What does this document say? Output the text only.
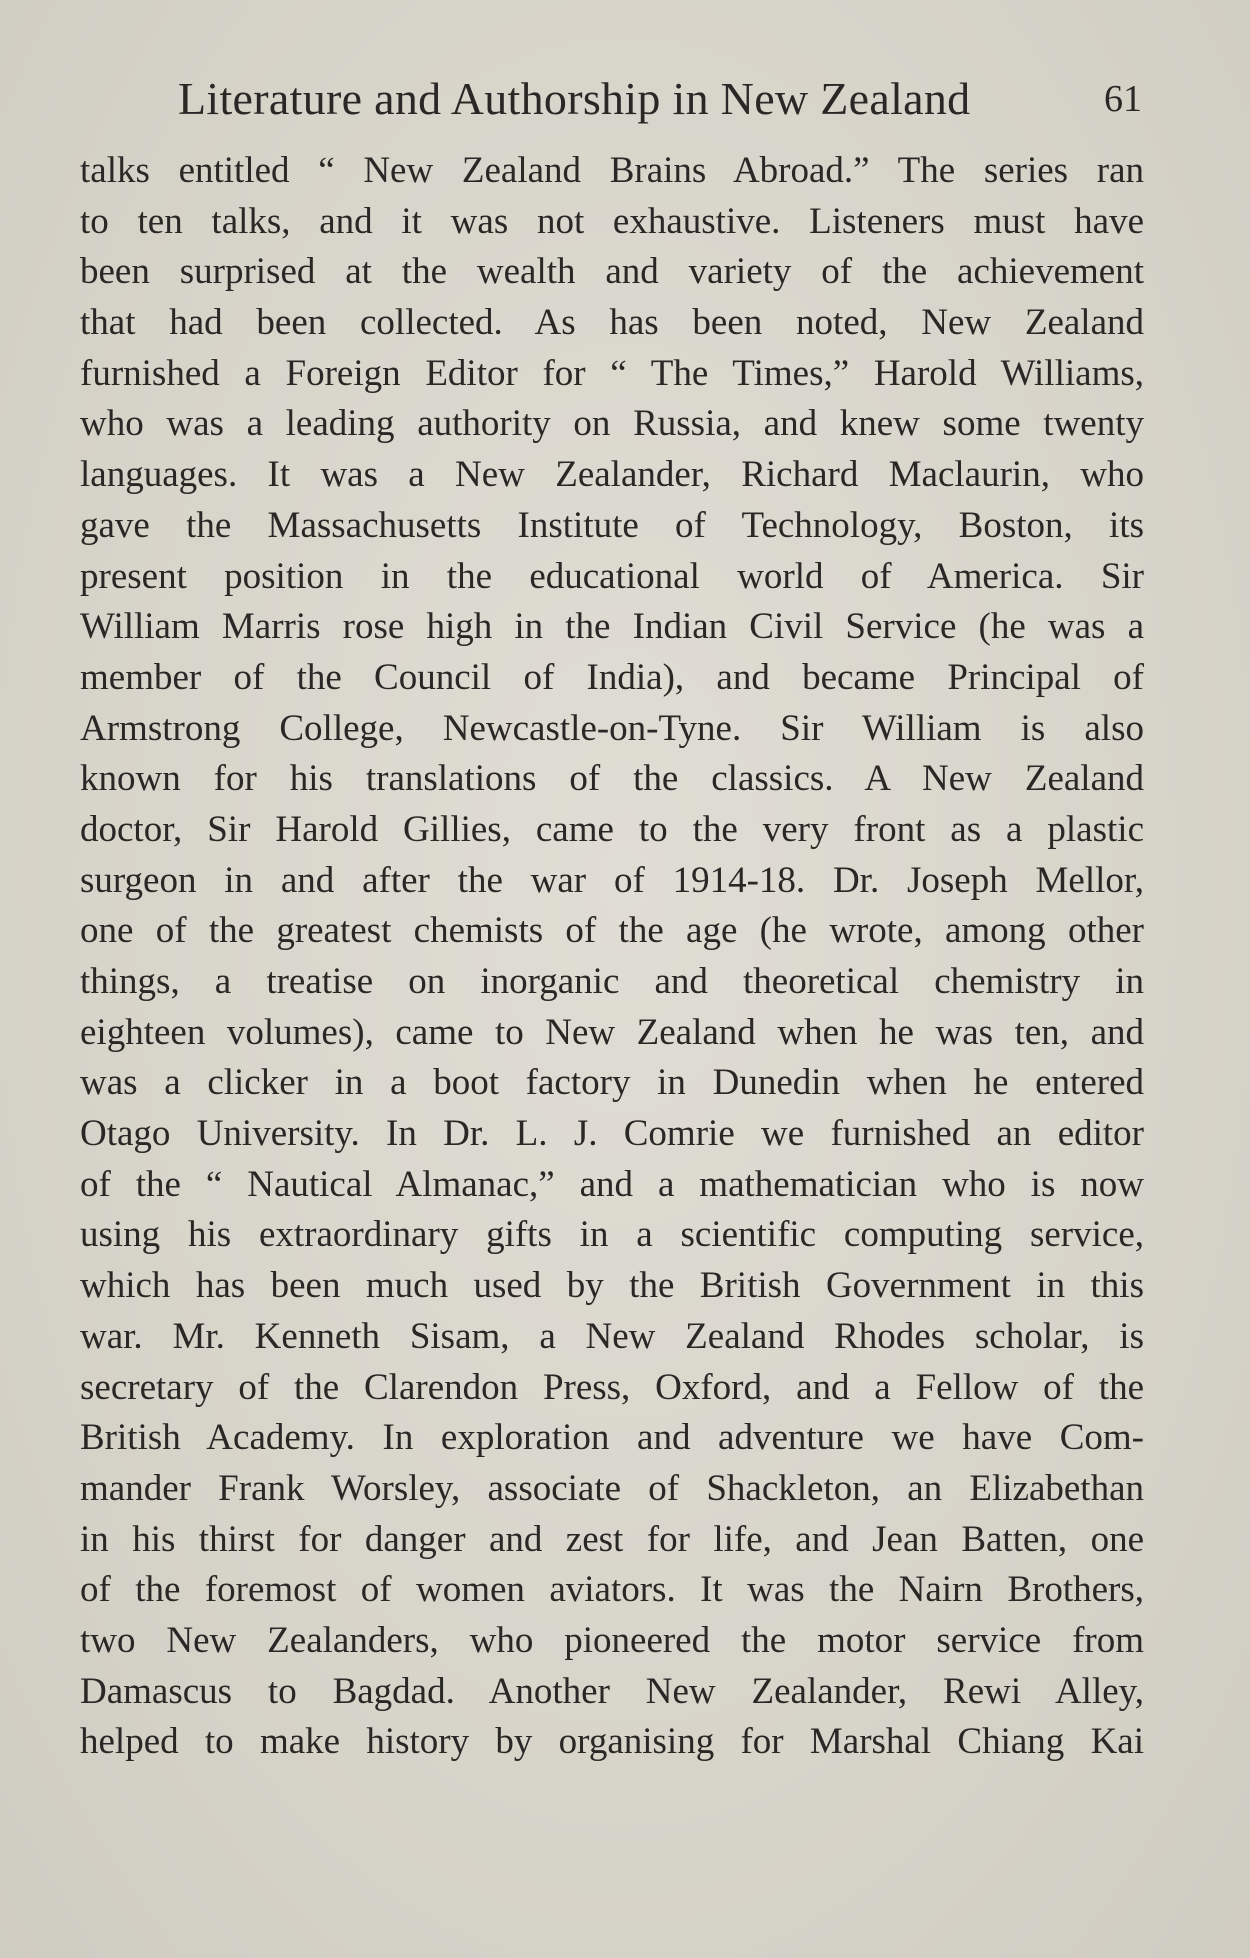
Literature and Authorship in New Zealand	61
talks entitled “ New Zealand Brains Abroad.” The series ran
to ten talks, and it was not exhaustive. Listeners must have
been surprised at the wealth and variety of the achievement
that had been collected. As has been noted, New Zealand
furnished a Foreign Editor for “ The Times,” Harold Williams,
who was a leading authority on Russia, and knew some twenty
languages. It was a New Zealander, Richard Maclaurin, who
gave the Massachusetts Institute of Technology, Boston, its
present position in the educational world of America. Sir
William Marris rose high in the Indian Civil Service (he was a
member of the Council of India), and became Principal of
Armstrong College, Newcastle-on-Tyne. Sir William is also
known for his translations of the classics. A New Zealand
doctor, Sir Harold Gillies, came to the very front as a plastic
surgeon in and after the war of 1914-18. Dr. Joseph Mellor,
one of the greatest chemists of the age (he wrote, among other
things, a treatise on inorganic and theoretical chemistry in
eighteen volumes), came to New Zealand when he was ten, and
was a clicker in a boot factory in Dunedin when he entered
Otago University. In Dr. L. J. Comrie we furnished an editor
of the “ Nautical Almanac,” and a mathematician who is now
using his extraordinary gifts in a scientific computing service,
which has been much used by the British Government in this
war. Mr. Kenneth Sisam, a New Zealand Rhodes scholar, is
secretary of the Clarendon Press, Oxford, and a Fellow of the
British Academy. In exploration and adventure we have Com-
mander Frank Worsley, associate of Shackleton, an Elizabethan
in his thirst for danger and zest for life, and Jean Batten, one
of the foremost of women aviators. It was the Nairn Brothers,
two New Zealanders, who pioneered the motor service from
Damascus to Bagdad. Another New Zealander, Rewi Alley,
helped to make history by organising for Marshal Chiang Kai
